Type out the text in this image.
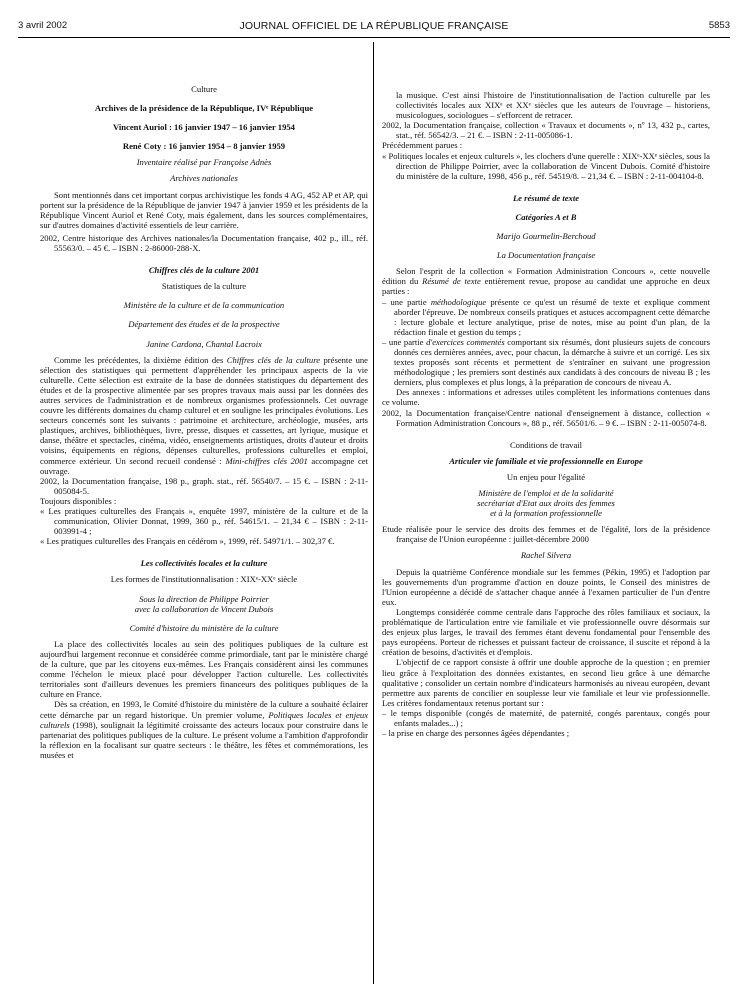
3 avril 2002	JOURNAL OFFICIEL DE LA RÉPUBLIQUE FRANÇAISE	5853

Culture

Archives de la présidence de la République, IVᵉ République

Vincent Auriol : 16 janvier 1947 – 16 janvier 1954

René Coty : 16 janvier 1954 – 8 janvier 1959

Inventaire réalisé par Françoise Adnès

Archives nationales

Sont mentionnés dans cet important corpus archivistique les fonds 4 AG, 452 AP et AP, qui portent sur la présidence de la République de janvier 1947 à janvier 1959 et les présidents de la République Vincent Auriol et René Coty, mais également, dans les sources complémentaires, sur d'autres domaines d'activité essentiels de leur carrière.

2002, Centre historique des Archives nationales/la Documentation française, 402 p., ill., réf. 55563/0. – 45 €. – ISBN : 2-86000-288-X.

Chiffres clés de la culture 2001

Statistiques de la culture

Ministère de la culture et de la communication

Département des études et de la prospective

Janine Cardona, Chantal Lacroix

Comme les précédentes, la dixième édition des Chiffres clés de la culture présente une sélection des statistiques qui permettent d'appréhender les principaux aspects de la vie culturelle. Cette sélection est extraite de la base de données statistiques du département des études et de la prospective alimentée par ses propres travaux mais aussi par les données des autres services de l'administration et de nombreux organismes professionnels. Cet ouvrage couvre les différents domaines du champ culturel et en souligne les principales évolutions. Les secteurs concernés sont les suivants : patrimoine et architecture, archéologie, musées, arts plastiques, archives, bibliothèques, livre, presse, disques et cassettes, art lyrique, musique et danse, théâtre et spectacles, cinéma, vidéo, enseignements artistiques, droits d'auteur et droits voisins, équipements en régions, dépenses culturelles, professions culturelles et emploi, commerce extérieur. Un second recueil condensé : Mini-chiffres clés 2001 accompagne cet ouvrage.

2002, la Documentation française, 198 p., graph. stat., réf. 56540/7. – 15 €. – ISBN : 2-11-005084-5.

Toujours disponibles :

« Les pratiques culturelles des Français », enquête 1997, ministère de la culture et de la communication, Olivier Donnat, 1999, 360 p., réf. 54615/1. – 21,34 € – ISBN : 2-11-003991-4 ;

« Les pratiques culturelles des Français en cédérom », 1999, réf. 54971/1. – 302,37 €.

Les collectivités locales et la culture

Les formes de l'institutionnalisation : XIXᵉ-XXᵉ siècle

Sous la direction de Philippe Poirrier

avec la collaboration de Vincent Dubois

Comité d'histoire du ministère de la culture

La place des collectivités locales au sein des politiques publiques de la culture est aujourd'hui largement reconnue et considérée comme primordiale, tant par le ministère chargé de la culture, que par les citoyens eux-mêmes. Les Français considèrent ainsi les communes comme l'échelon le mieux placé pour développer l'action culturelle. Les collectivités territoriales sont d'ailleurs devenues les premiers financeurs des politiques publiques de la culture en France.

Dès sa création, en 1993, le Comité d'histoire du ministère de la culture a souhaité éclairer cette démarche par un regard historique. Un premier volume, Politiques locales et enjeux culturels (1998), soulignait la légitimité croissante des acteurs locaux pour construire dans le partenariat des politiques publiques de la culture. Le présent volume a l'ambition d'approfondir la réflexion en la focalisant sur quatre secteurs : le théâtre, les fêtes et commémorations, les musées et

la musique. C'est ainsi l'histoire de l'institutionnalisation de l'action culturelle par les collectivités locales aux XIXᵉ et XXᵉ siècles que les auteurs de l'ouvrage – historiens, musicologues, sociologues – s'efforcent de retracer.

2002, la Documentation française, collection « Travaux et documents », nº 13, 432 p., cartes, stat., réf. 56542/3. – 21 €. – ISBN : 2-11-005086-1.

Précédemment parues :

« Politiques locales et enjeux culturels », les clochers d'une querelle : XIXᵉ-XXᵉ siècles, sous la direction de Philippe Poirrier, avec la collaboration de Vincent Dubois. Comité d'histoire du ministère de la culture, 1998, 456 p., réf. 54519/8. – 21,34 €. – ISBN : 2-11-004104-8.

Le résumé de texte

Catégories A et B

Marijo Gourmelin-Berchoud

La Documentation française

Selon l'esprit de la collection « Formation Administration Concours », cette nouvelle édition du Résumé de texte entièrement revue, propose au candidat une approche en deux parties :

– une partie méthodologique présente ce qu'est un résumé de texte et explique comment aborder l'épreuve. De nombreux conseils pratiques et astuces accompagnent cette démarche : lecture globale et lecture analytique, prise de notes, mise au point d'un plan, de la rédaction finale et gestion du temps ;

– une partie d'exercices commentés comportant six résumés, dont plusieurs sujets de concours donnés ces dernières années, avec, pour chacun, la démarche à suivre et un corrigé. Les six textes proposés sont récents et permettent de s'entraîner en suivant une progression méthodologique ; les premiers sont destinés aux candidats à des concours de niveau B ; les derniers, plus complexes et plus longs, à la préparation de concours de niveau A.

Des annexes : informations et adresses utiles complètent les informations contenues dans ce volume.

2002, la Documentation française/Centre national d'enseignement à distance, collection « Formation Administration Concours », 88 p., réf. 56501/6. – 9 €. – ISBN : 2-11-005074-8.

Conditions de travail

Articuler vie familiale et vie professionnelle en Europe

Un enjeu pour l'égalité

Ministère de l'emploi et de la solidarité

secrétariat d'Etat aux droits des femmes

et à la formation professionnelle

Etude réalisée pour le service des droits des femmes et de l'égalité, lors de la présidence française de l'Union européenne : juillet-décembre 2000

Rachel Silvera

Depuis la quatrième Conférence mondiale sur les femmes (Pékin, 1995) et l'adoption par les gouvernements d'un programme d'action en douze points, le Conseil des ministres de l'Union européenne a décidé de s'attacher chaque année à l'examen particulier de l'un d'entre eux.

Longtemps considérée comme centrale dans l'approche des rôles familiaux et sociaux, la problématique de l'articulation entre vie familiale et vie professionnelle ouvre désormais sur des enjeux plus larges, le travail des femmes étant devenu fondamental pour l'ensemble des pays européens. Porteur de richesses et puissant facteur de croissance, il suscite et répond à la création de besoins, d'activités et d'emplois.

L'objectif de ce rapport consiste à offrir une double approche de la question ; en premier lieu grâce à l'exploitation des données existantes, en second lieu grâce à une démarche qualitative ; consolider un certain nombre d'indicateurs harmonisés au niveau européen, devant permettre aux parents de concilier en souplesse leur vie familiale et leur vie professionnelle. Les critères fondamentaux retenus portant sur :

– le temps disponible (congés de maternité, de paternité, congés parentaux, congés pour enfants malades...) ;

– la prise en charge des personnes âgées dépendantes ;
